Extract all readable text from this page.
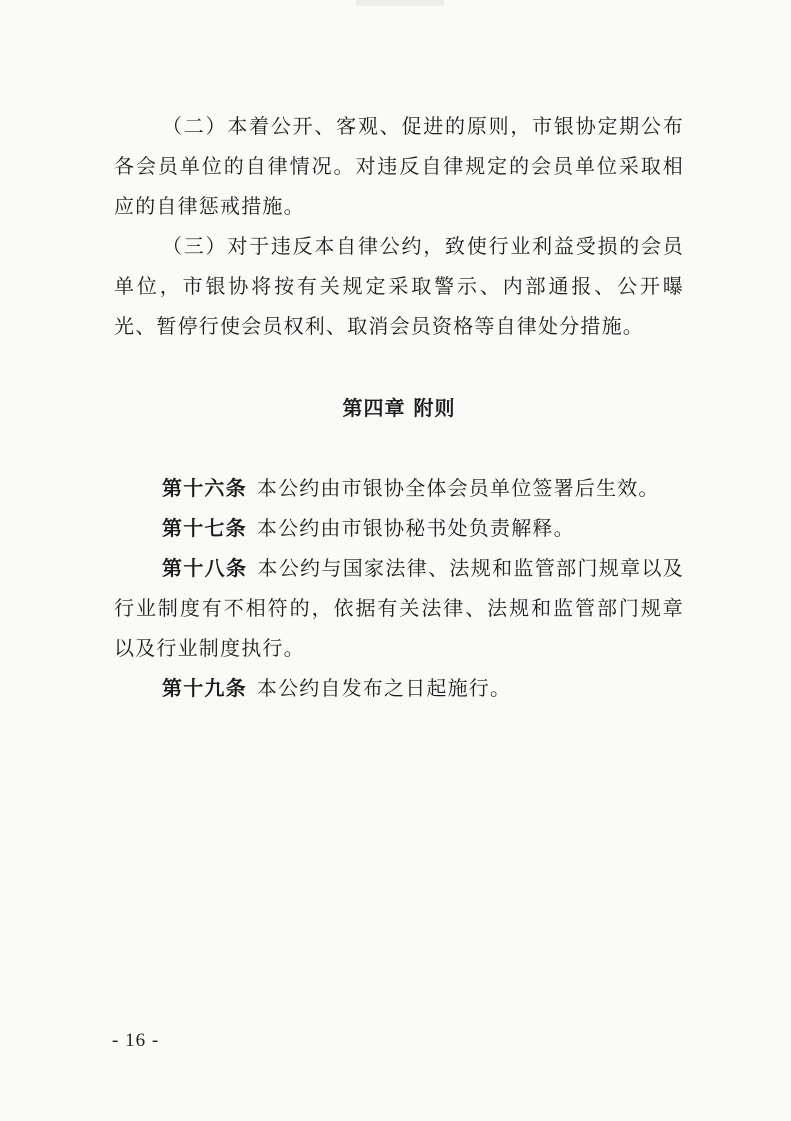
（二）本着公开、客观、促进的原则，市银协定期公布各会员单位的自律情况。对违反自律规定的会员单位采取相应的自律惩戒措施。

（三）对于违反本自律公约，致使行业利益受损的会员单位，市银协将按有关规定采取警示、内部通报、公开曝光、暂停行使会员权利、取消会员资格等自律处分措施。

第四章 附则

第十六条 本公约由市银协全体会员单位签署后生效。

第十七条 本公约由市银协秘书处负责解释。

第十八条 本公约与国家法律、法规和监管部门规章以及行业制度有不相符的，依据有关法律、法规和监管部门规章以及行业制度执行。

第十九条 本公约自发布之日起施行。

- 16 -
